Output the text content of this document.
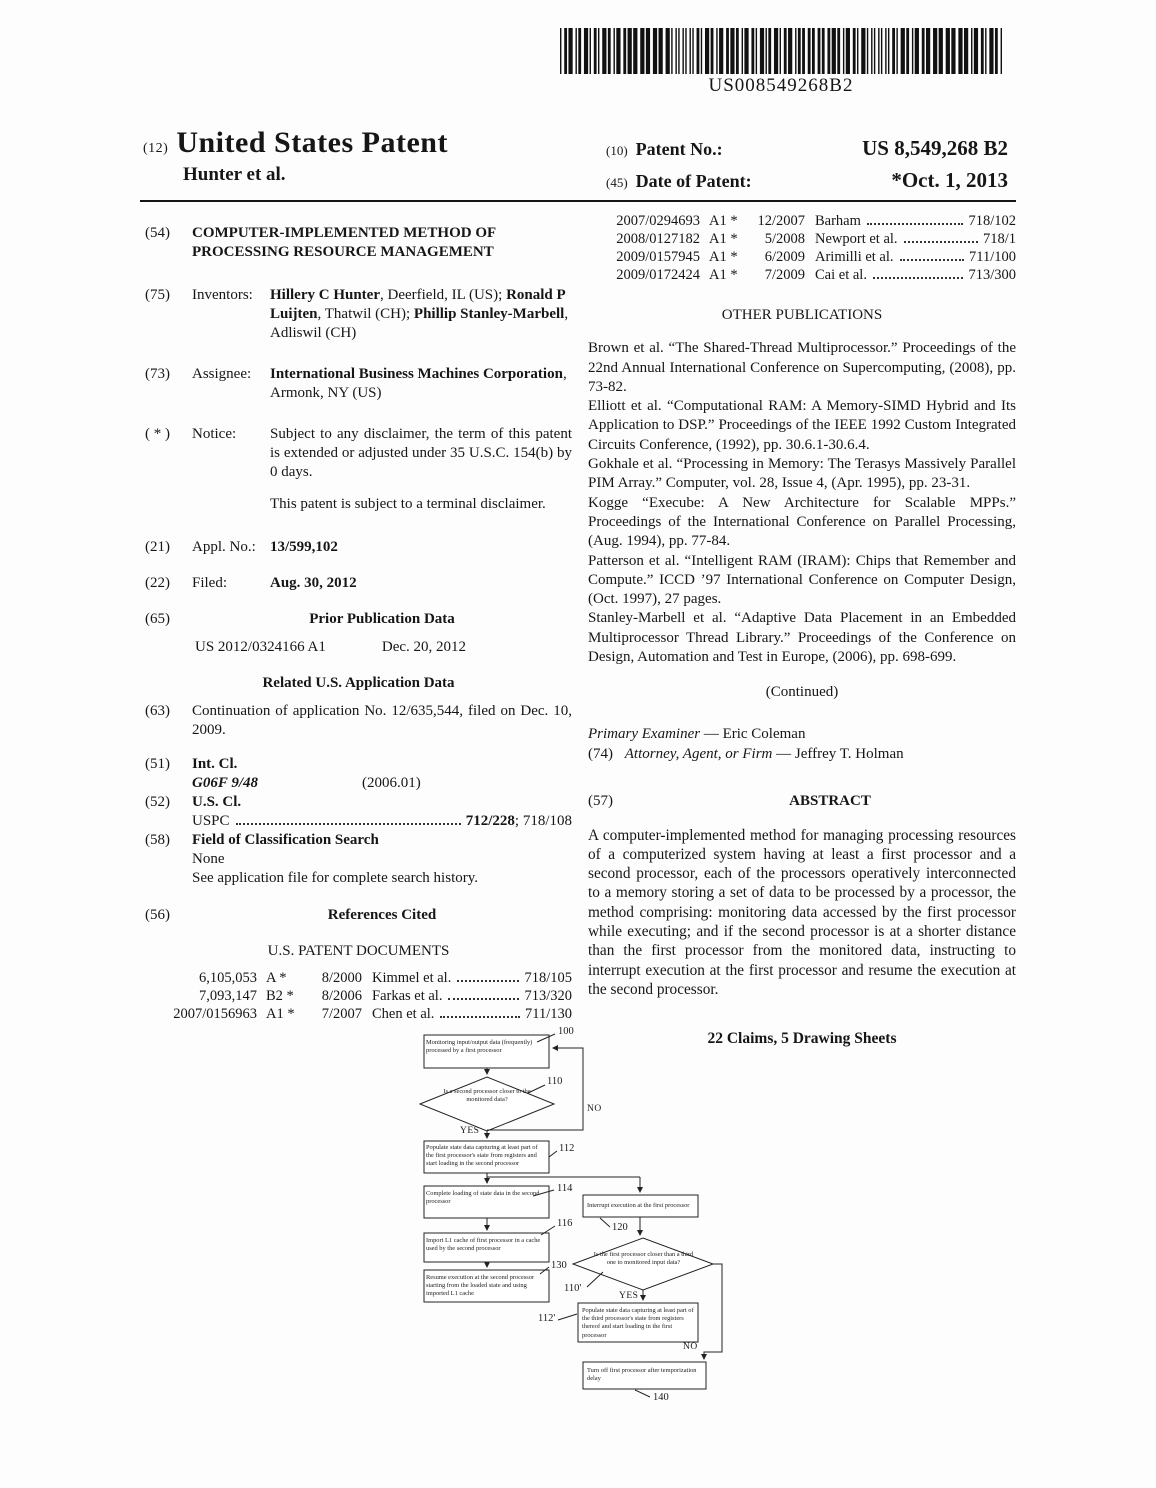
US008549268B2
(12) United States Patent
Hunter et al.
(10) Patent No.:	US 8,549,268 B2
(45) Date of Patent:	*Oct. 1, 2013
(54)	COMPUTER-IMPLEMENTED METHOD OF
PROCESSING RESOURCE MANAGEMENT
(75)	Inventors:	Hillery C Hunter, Deerfield, IL (US); Ronald P Luijten, Thatwil (CH); Phillip Stanley-Marbell, Adliswil (CH)
(73)	Assignee:	International Business Machines Corporation, Armonk, NY (US)
( * )	Notice:	Subject to any disclaimer, the term of this patent is extended or adjusted under 35 U.S.C. 154(b) by 0 days.
This patent is subject to a terminal disclaimer.
(21)	Appl. No.: 13/599,102
(22)	Filed:	Aug. 30, 2012
(65)	Prior Publication Data
US 2012/0324166 A1	Dec. 20, 2012
Related U.S. Application Data
(63)	Continuation of application No. 12/635,544, filed on Dec. 10, 2009.
(51)	Int. Cl.
G06F 9/48	(2006.01)
(52)	U.S. Cl.
USPC	712/228 ; 718/108
(58)	Field of Classification Search
None
See application file for complete search history.
(56)	References Cited
U.S. PATENT DOCUMENTS
6,105,053 A *	8/2000 Kimmel et al.	718/105
7,093,147 B2 *	8/2006 Farkas et al.	713/320
2007/0156963 A1 *	7/2007 Chen et al.	711/130
2007/0294693 A1 *	12/2007 Barham	718/102
2008/0127182 A1 *	5/2008 Newport et al.	718/1
2009/0157945 A1 *	6/2009 Arimilli et al.	711/100
2009/0172424 A1 *	7/2009 Cai et al.	713/300
OTHER PUBLICATIONS

Brown et al. “The Shared-Thread Multiprocessor.” Proceedings of the 22nd Annual International Conference on Supercomputing, (2008), pp. 73-82.

Elliott et al. “Computational RAM: A Memory-SIMD Hybrid and Its Application to DSP.” Proceedings of the IEEE 1992 Custom Integrated Circuits Conference, (1992), pp. 30.6.1-30.6.4.

Gokhale et al. “Processing in Memory: The Terasys Massively Parallel PIM Array.” Computer, vol. 28, Issue 4, (Apr. 1995), pp. 23-31.

Kogge “Execube: A New Architecture for Scalable MPPs.” Proceedings of the International Conference on Parallel Processing, (Aug. 1994), pp. 77-84.

Patterson et al. “Intelligent RAM (IRAM): Chips that Remember and Compute.” ICCD ’97 International Conference on Computer Design, (Oct. 1997), 27 pages.

Stanley-Marbell et al. “Adaptive Data Placement in an Embedded Multiprocessor Thread Library.” Proceedings of the Conference on Design, Automation and Test in Europe, (2006), pp. 698-699.

(Continued)
Primary Examiner — Eric Coleman
(74) Attorney, Agent, or Firm — Jeffrey T. Holman
(57)	ABSTRACT
A computer-implemented method for managing processing resources of a computerized system having at least a first processor and a second processor, each of the processors operatively interconnected to a memory storing a set of data to be processed by a processor, the method comprising: monitoring data accessed by the first processor while executing; and if the second processor is at a shorter distance than the first processor from the monitored data, instructing to interrupt execution at the first processor and resume the execution at the second processor.
22 Claims, 5 Drawing Sheets
Monitoring input/output data (frequently) processed by a first processor
Is a second processor closer to the monitored data?
Populate state data capturing at least part of the first processor's state from registers and start loading in the second processor
Complete loading of state data in the second processor
Import L1 cache of first processor in a cache used by the second processor
Resume execution at the second processor starting from the loaded state and using imported L1 cache
Interrupt execution at the first processor
Is the first processor closer than a third one to monitored input data?
Populate state data capturing at least part of the third processor's state from registers thereof and start loading in the first processor
Turn off first processor after temporization delay
100
110
NO
YES
112
114
116
130
120
110'
YES
112'
NO
140
